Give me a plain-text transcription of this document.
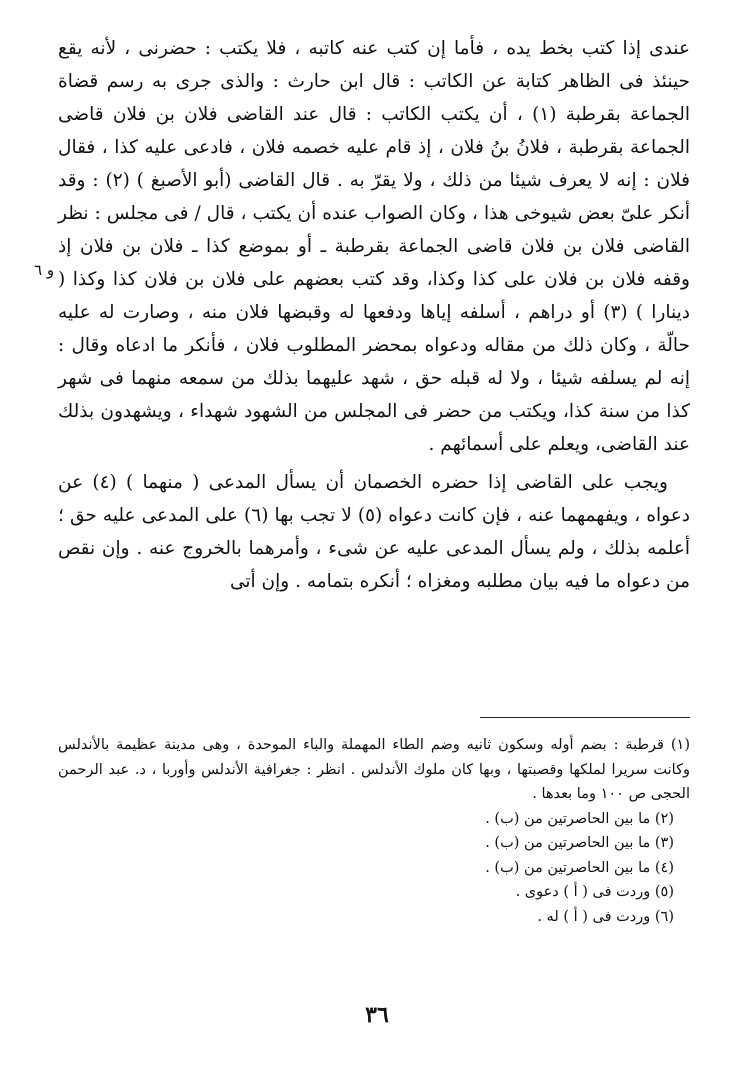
عندى إذا كتب بخط يده ، فأما إن كتب عنه كاتبه ، فلا يكتب : حضرنى ، لأنه يقع حينئذ فى الظاهر كتابة عن الكاتب : قال ابن حارث : والذى جرى به رسم قضاة الجماعة بقرطبة (١) ، أن يكتب الكاتب : قال عند القاضى فلان بن فلان قاضى الجماعة بقرطبة ، فلانُ بنُ فلان ، إذ قام عليه خصمه فلان ، فادعى عليه كذا ، فقال فلان : إنه لا يعرف شيئا من ذلك ، ولا يقرّ به . قال القاضى (أبو الأصبغ ) (٢) : وقد أنكر علىّ بعض شيوخى هذا ، وكان الصواب عنده أن يكتب ، قال / فى مجلس : نظر القاضى فلان بن فلان قاضى الجماعة بقرطبة ـ أو بموضع كذا ـ فلان بن فلان إذ وقفه فلان بن فلان على كذا وكذا، وقد كتب بعضهم على فلان بن فلان كذا وكذا ( دينارا ) (٣) أو دراهم ، أسلفه إياها ودفعها له وقبضها فلان منه ، وصارت له عليه حالّة ، وكان ذلك من مقاله ودعواه بمحضر المطلوب فلان ، فأنكر ما ادعاه وقال : إنه لم يسلفه شيئا ، ولا له قبله حق ، شهد عليهما بذلك من سمعه منهما فى شهر كذا من سنة كذا، ويكتب من حضر فى المجلس من الشهود شهداء ، ويشهدون بذلك عند القاضى، ويعلم على أسمائهم .

ويجب على القاضى إذا حضره الخصمان أن يسأل المدعى ( منهما ) (٤) عن دعواه ، ويفهمهما عنه ، فإن كانت دعواه (٥) لا تجب بها (٦) على المدعى عليه حق ؛ أعلمه بذلك ، ولم يسأل المدعى عليه عن شىء ، وأمرهما بالخروج عنه . وإن نقص من دعواه ما فيه بيان مطلبه ومغزاه ؛ أنكره بتمامه . وإن أتى

و ٦

(١) قرطبة : بضم أوله وسكون ثانيه وضم الطاء المهملة والباء الموحدة ، وهى مدينة عظيمة بالأندلس وكانت سريرا لملكها وقصبتها ، وبها كان ملوك الأندلس . انظر : جغرافية الأندلس وأوربا ، د. عبد الرحمن الحجى ص ١٠٠ وما بعدها .

(٢) ما بين الحاصرتين من (ب) .

(٣) ما بين الحاصرتين من (ب) .

(٤) ما بين الحاصرتين من (ب) .

(٥) وردت فى ( أ ) دعوى .

(٦) وردت فى ( أ ) له .

٣٦
